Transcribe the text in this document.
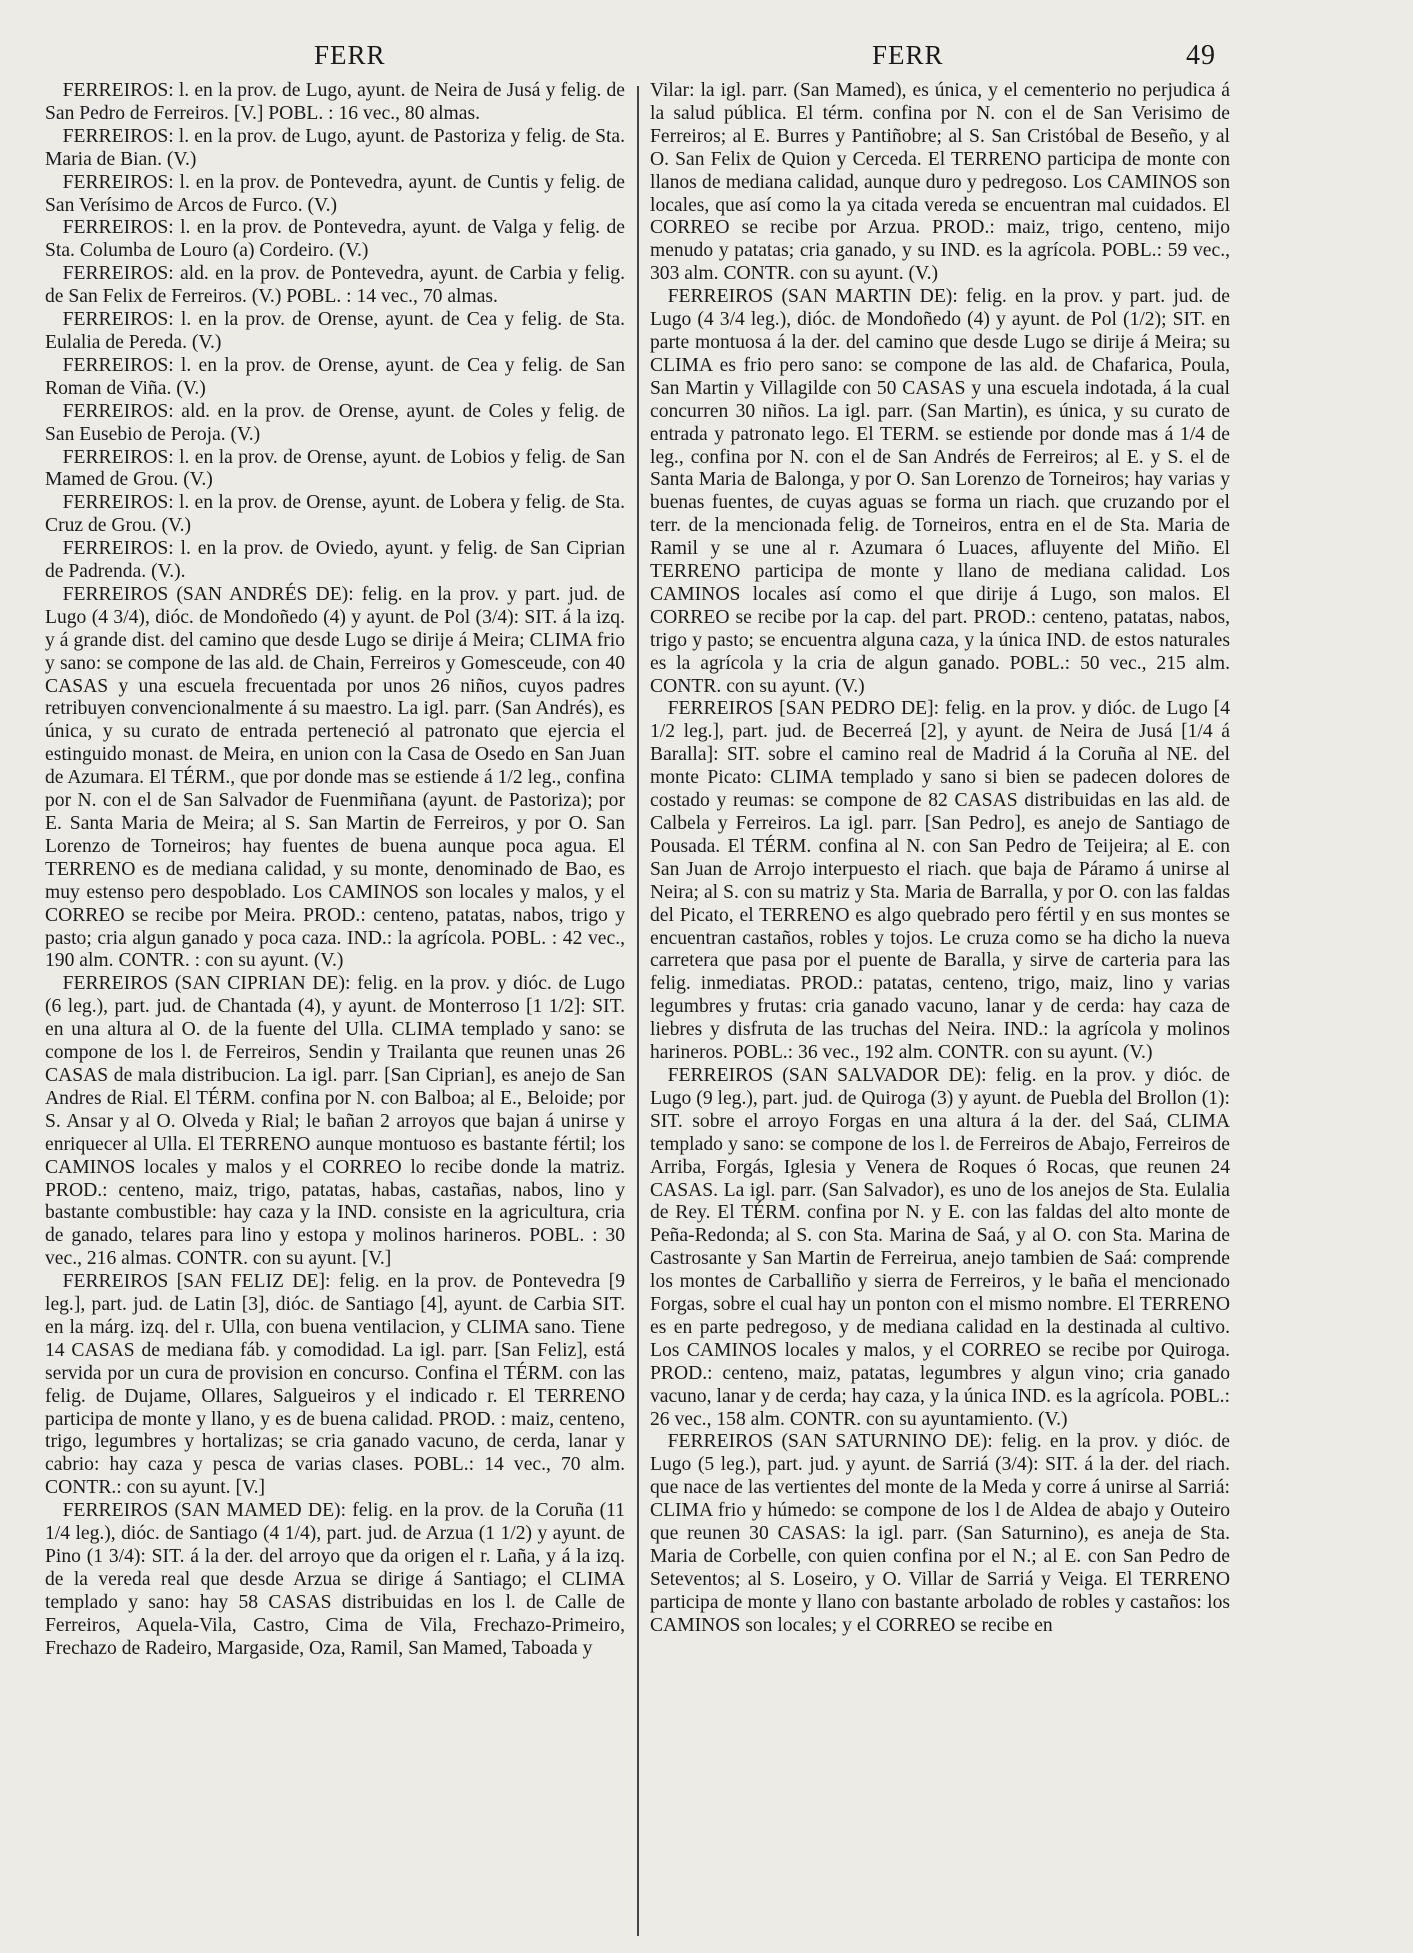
FERR	FERR	49

FERREIROS: l. en la prov. de Lugo, ayunt. de Neira de Jusá y felig. de San Pedro de Ferreiros. [V.] POBL. : 16 vec., 80 almas.

FERREIROS: l. en la prov. de Lugo, ayunt. de Pastoriza y felig. de Sta. Maria de Bian. (V.)

FERREIROS: l. en la prov. de Pontevedra, ayunt. de Cuntis y felig. de San Verísimo de Arcos de Furco. (V.)

FERREIROS: l. en la prov. de Pontevedra, ayunt. de Valga y felig. de Sta. Columba de Louro (a) Cordeiro. (V.)

FERREIROS: ald. en la prov. de Pontevedra, ayunt. de Carbia y felig. de San Felix de Ferreiros. (V.) POBL. : 14 vec., 70 almas.

FERREIROS: l. en la prov. de Orense, ayunt. de Cea y felig. de Sta. Eulalia de Pereda. (V.)

FERREIROS: l. en la prov. de Orense, ayunt. de Cea y felig. de San Roman de Viña. (V.)

FERREIROS: ald. en la prov. de Orense, ayunt. de Coles y felig. de San Eusebio de Peroja. (V.)

FERREIROS: l. en la prov. de Orense, ayunt. de Lobios y felig. de San Mamed de Grou. (V.)

FERREIROS: l. en la prov. de Orense, ayunt. de Lobera y felig. de Sta. Cruz de Grou. (V.)

FERREIROS: l. en la prov. de Oviedo, ayunt. y felig. de San Ciprian de Padrenda. (V.).

FERREIROS (SAN ANDRÉS DE): felig. en la prov. y part. jud. de Lugo (4 3/4), dióc. de Mondoñedo (4) y ayunt. de Pol (3/4): SIT. á la izq. y á grande dist. del camino que desde Lugo se dirije á Meira; CLIMA frio y sano: se compone de las ald. de Chain, Ferreiros y Gomesceude, con 40 CASAS y una escuela frecuentada por unos 26 niños, cuyos padres retribuyen convencionalmente á su maestro. La igl. parr. (San Andrés), es única, y su curato de entrada perteneció al patronato que ejercia el estinguido monast. de Meira, en union con la Casa de Osedo en San Juan de Azumara. El TÉRM., que por donde mas se estiende á 1/2 leg., confina por N. con el de San Salvador de Fuenmiñana (ayunt. de Pastoriza); por E. Santa Maria de Meira; al S. San Martin de Ferreiros, y por O. San Lorenzo de Torneiros; hay fuentes de buena aunque poca agua. El TERRENO es de mediana calidad, y su monte, denominado de Bao, es muy estenso pero despoblado. Los CAMINOS son locales y malos, y el CORREO se recibe por Meira. PROD.: centeno, patatas, nabos, trigo y pasto; cria algun ganado y poca caza. IND.: la agrícola. POBL. : 42 vec., 190 alm. CONTR. : con su ayunt. (V.)

FERREIROS (SAN CIPRIAN DE): felig. en la prov. y dióc. de Lugo (6 leg.), part. jud. de Chantada (4), y ayunt. de Monterroso [1 1/2]: SIT. en una altura al O. de la fuente del Ulla. CLIMA templado y sano: se compone de los l. de Ferreiros, Sendin y Trailanta que reunen unas 26 CASAS de mala distribucion. La igl. parr. [San Ciprian], es anejo de San Andres de Rial. El TÉRM. confina por N. con Balboa; al E., Beloide; por S. Ansar y al O. Olveda y Rial; le bañan 2 arroyos que bajan á unirse y enriquecer al Ulla. El TERRENO aunque montuoso es bastante fértil; los CAMINOS locales y malos y el CORREO lo recibe donde la matriz. PROD.: centeno, maiz, trigo, patatas, habas, castañas, nabos, lino y bastante combustible: hay caza y la IND. consiste en la agricultura, cria de ganado, telares para lino y estopa y molinos harineros. POBL. : 30 vec., 216 almas. CONTR. con su ayunt. [V.]

FERREIROS [SAN FELIZ DE]: felig. en la prov. de Pontevedra [9 leg.], part. jud. de Latin [3], dióc. de Santiago [4], ayunt. de Carbia SIT. en la márg. izq. del r. Ulla, con buena ventilacion, y CLIMA sano. Tiene 14 CASAS de mediana fáb. y comodidad. La igl. parr. [San Feliz], está servida por un cura de provision en concurso. Confina el TÉRM. con las felig. de Dujame, Ollares, Salgueiros y el indicado r. El TERRENO participa de monte y llano, y es de buena calidad. PROD. : maiz, centeno, trigo, legumbres y hortalizas; se cria ganado vacuno, de cerda, lanar y cabrio: hay caza y pesca de varias clases. POBL.: 14 vec., 70 alm. CONTR.: con su ayunt. [V.]

FERREIROS (SAN MAMED DE): felig. en la prov. de la Coruña (11 1/4 leg.), dióc. de Santiago (4 1/4), part. jud. de Arzua (1 1/2) y ayunt. de Pino (1 3/4): SIT. á la der. del arroyo que da origen el r. Laña, y á la izq. de la vereda real que desde Arzua se dirige á Santiago; el CLIMA templado y sano: hay 58 CASAS distribuidas en los l. de Calle de Ferreiros, Aquela-Vila, Castro, Cima de Vila, Frechazo-Primeiro, Frechazo de Radeiro, Margaside, Oza, Ramil, San Mamed, Taboada y

Vilar: la igl. parr. (San Mamed), es única, y el cementerio no perjudica á la salud pública. El térm. confina por N. con el de San Verisimo de Ferreiros; al E. Burres y Pantiñobre; al S. San Cristóbal de Beseño, y al O. San Felix de Quion y Cerceda. El TERRENO participa de monte con llanos de mediana calidad, aunque duro y pedregoso. Los CAMINOS son locales, que así como la ya citada vereda se encuentran mal cuidados. El CORREO se recibe por Arzua. PROD.: maiz, trigo, centeno, mijo menudo y patatas; cria ganado, y su IND. es la agrícola. POBL.: 59 vec., 303 alm. CONTR. con su ayunt. (V.)

FERREIROS (SAN MARTIN DE): felig. en la prov. y part. jud. de Lugo (4 3/4 leg.), dióc. de Mondoñedo (4) y ayunt. de Pol (1/2); SIT. en parte montuosa á la der. del camino que desde Lugo se dirije á Meira; su CLIMA es frio pero sano: se compone de las ald. de Chafarica, Poula, San Martin y Villagilde con 50 CASAS y una escuela indotada, á la cual concurren 30 niños. La igl. parr. (San Martin), es única, y su curato de entrada y patronato lego. El TERM. se estiende por donde mas á 1/4 de leg., confina por N. con el de San Andrés de Ferreiros; al E. y S. el de Santa Maria de Balonga, y por O. San Lorenzo de Torneiros; hay varias y buenas fuentes, de cuyas aguas se forma un riach. que cruzando por el terr. de la mencionada felig. de Torneiros, entra en el de Sta. Maria de Ramil y se une al r. Azumara ó Luaces, afluyente del Miño. El TERRENO participa de monte y llano de mediana calidad. Los CAMINOS locales así como el que dirije á Lugo, son malos. El CORREO se recibe por la cap. del part. PROD.: centeno, patatas, nabos, trigo y pasto; se encuentra alguna caza, y la única IND. de estos naturales es la agrícola y la cria de algun ganado. POBL.: 50 vec., 215 alm. CONTR. con su ayunt. (V.)

FERREIROS [SAN PEDRO DE]: felig. en la prov. y dióc. de Lugo [4 1/2 leg.], part. jud. de Becerreá [2], y ayunt. de Neira de Jusá [1/4 á Baralla]: SIT. sobre el camino real de Madrid á la Coruña al NE. del monte Picato: CLIMA templado y sano si bien se padecen dolores de costado y reumas: se compone de 82 CASAS distribuidas en las ald. de Calbela y Ferreiros. La igl. parr. [San Pedro], es anejo de Santiago de Pousada. El TÉRM. confina al N. con San Pedro de Teijeira; al E. con San Juan de Arrojo interpuesto el riach. que baja de Páramo á unirse al Neira; al S. con su matriz y Sta. Maria de Barralla, y por O. con las faldas del Picato, el TERRENO es algo quebrado pero fértil y en sus montes se encuentran castaños, robles y tojos. Le cruza como se ha dicho la nueva carretera que pasa por el puente de Baralla, y sirve de carteria para las felig. inmediatas. PROD.: patatas, centeno, trigo, maiz, lino y varias legumbres y frutas: cria ganado vacuno, lanar y de cerda: hay caza de liebres y disfruta de las truchas del Neira. IND.: la agrícola y molinos harineros. POBL.: 36 vec., 192 alm. CONTR. con su ayunt. (V.)

FERREIROS (SAN SALVADOR DE): felig. en la prov. y dióc. de Lugo (9 leg.), part. jud. de Quiroga (3) y ayunt. de Puebla del Brollon (1): SIT. sobre el arroyo Forgas en una altura á la der. del Saá, CLIMA templado y sano: se compone de los l. de Ferreiros de Abajo, Ferreiros de Arriba, Forgás, Iglesia y Venera de Roques ó Rocas, que reunen 24 CASAS. La igl. parr. (San Salvador), es uno de los anejos de Sta. Eulalia de Rey. El TÉRM. confina por N. y E. con las faldas del alto monte de Peña-Redonda; al S. con Sta. Marina de Saá, y al O. con Sta. Marina de Castrosante y San Martin de Ferreirua, anejo tambien de Saá: comprende los montes de Carballiño y sierra de Ferreiros, y le baña el mencionado Forgas, sobre el cual hay un ponton con el mismo nombre. El TERRENO es en parte pedregoso, y de mediana calidad en la destinada al cultivo. Los CAMINOS locales y malos, y el CORREO se recibe por Quiroga. PROD.: centeno, maiz, patatas, legumbres y algun vino; cria ganado vacuno, lanar y de cerda; hay caza, y la única IND. es la agrícola. POBL.: 26 vec., 158 alm. CONTR. con su ayuntamiento. (V.)

FERREIROS (SAN SATURNINO DE): felig. en la prov. y dióc. de Lugo (5 leg.), part. jud. y ayunt. de Sarriá (3/4): SIT. á la der. del riach. que nace de las vertientes del monte de la Meda y corre á unirse al Sarriá: CLIMA frio y húmedo: se compone de los l de Aldea de abajo y Outeiro que reunen 30 CASAS: la igl. parr. (San Saturnino), es aneja de Sta. Maria de Corbelle, con quien confina por el N.; al E. con San Pedro de Seteventos; al S. Loseiro, y O. Villar de Sarriá y Veiga. El TERRENO participa de monte y llano con bastante arbolado de robles y castaños: los CAMINOS son locales; y el CORREO se recibe en
